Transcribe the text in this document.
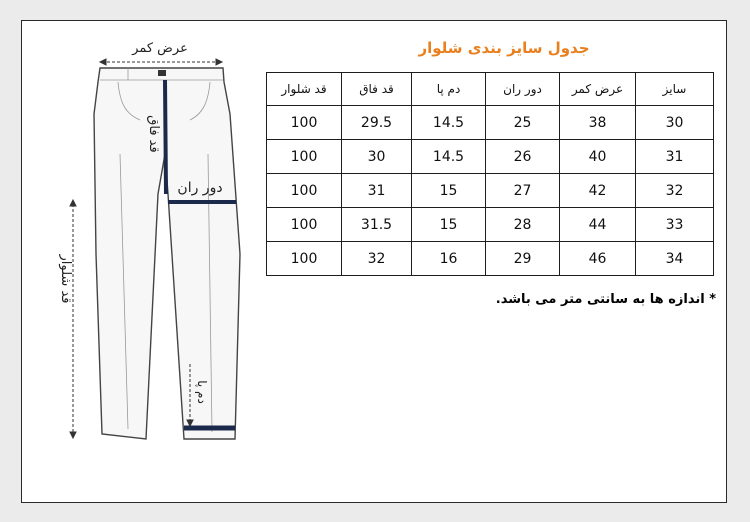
عرض کمر
قد شلوار
قد فاق
دور ران
دم پا
جدول سایز بندی شلوار
سایز	عرض کمر	دور ران	دم پا	قد فاق	قد شلوار
30	38	25	14.5	29.5	100
31	40	26	14.5	30	100
32	42	27	15	31	100
33	44	28	15	31.5	100
34	46	29	16	32	100
* اندازه ها به سانتی متر می باشد.
